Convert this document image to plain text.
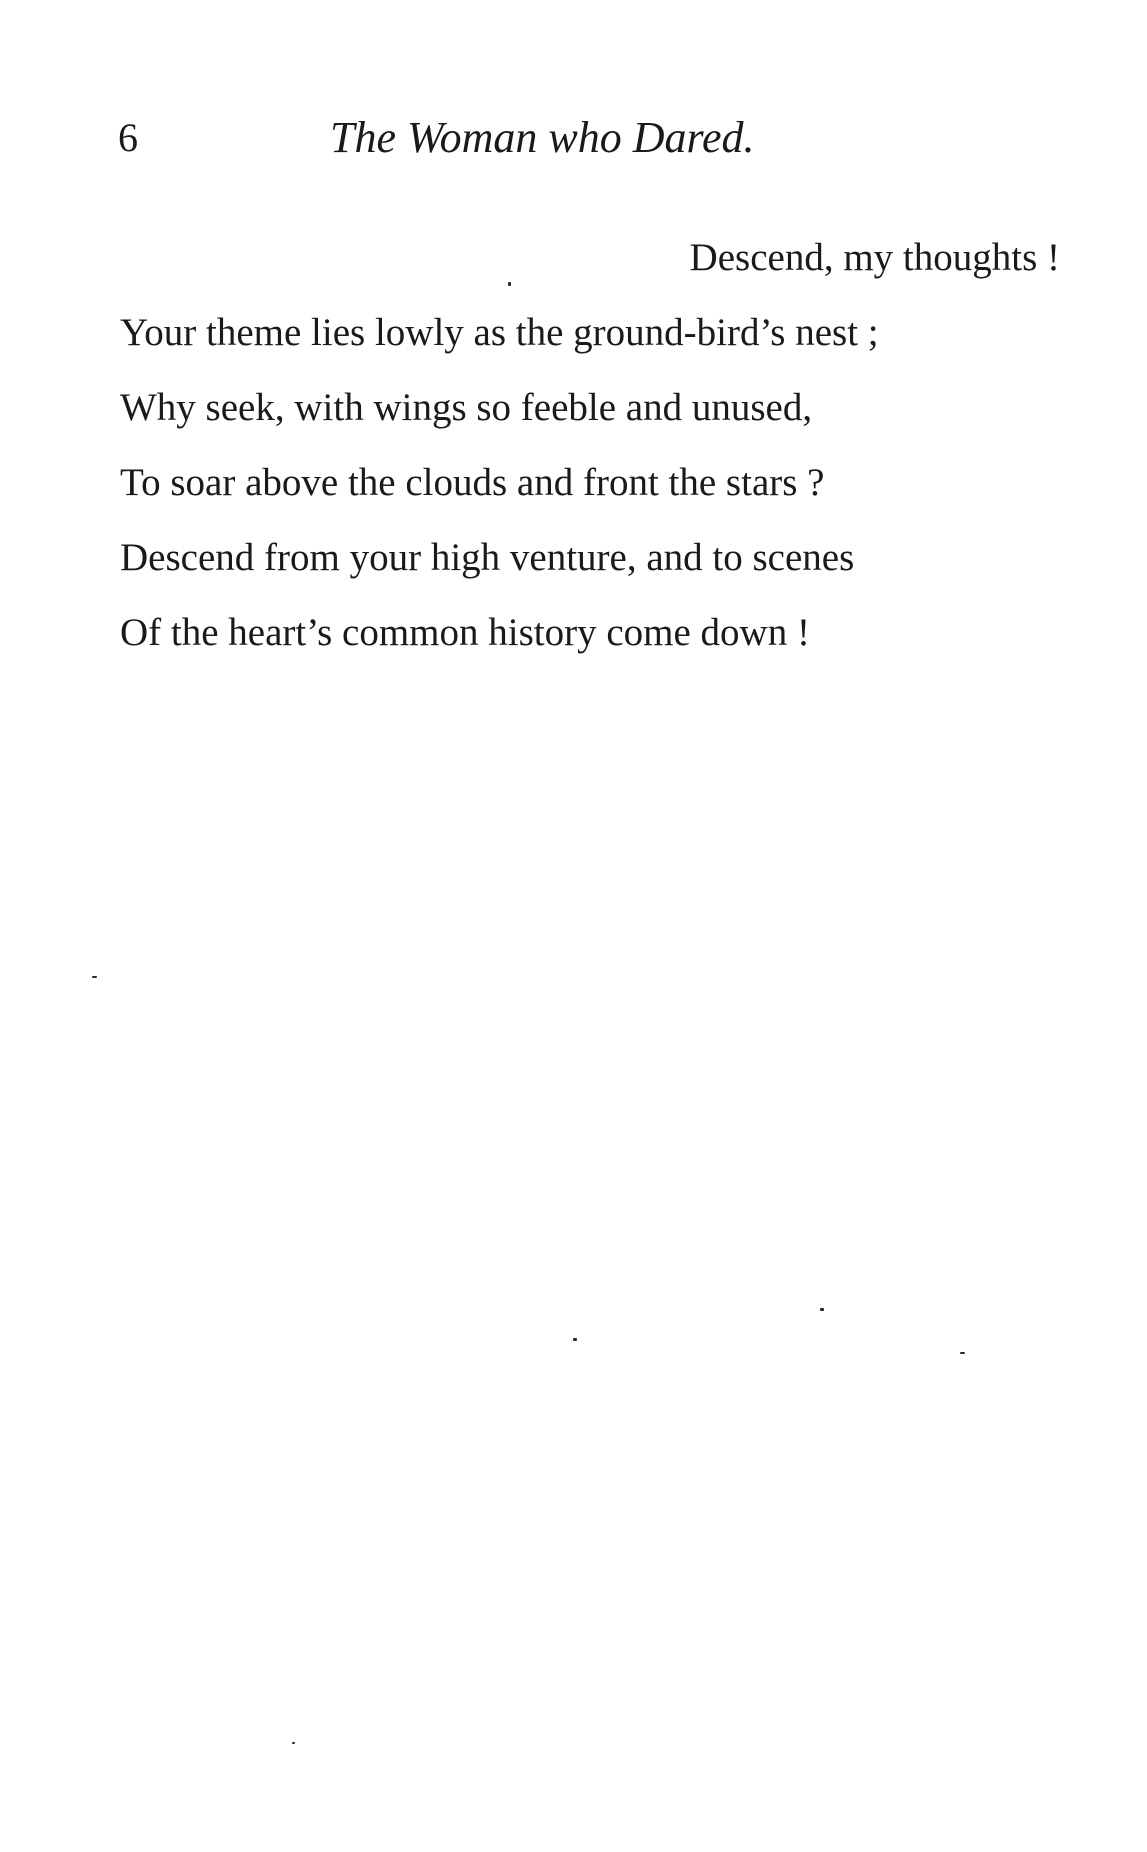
6	The Woman who Dared.
Descend, my thoughts !
Your theme lies lowly as the ground-bird’s nest ;
Why seek, with wings so feeble and unused,
To soar above the clouds and front the stars ?
Descend from your high venture, and to scenes
Of the heart’s common history come down !
